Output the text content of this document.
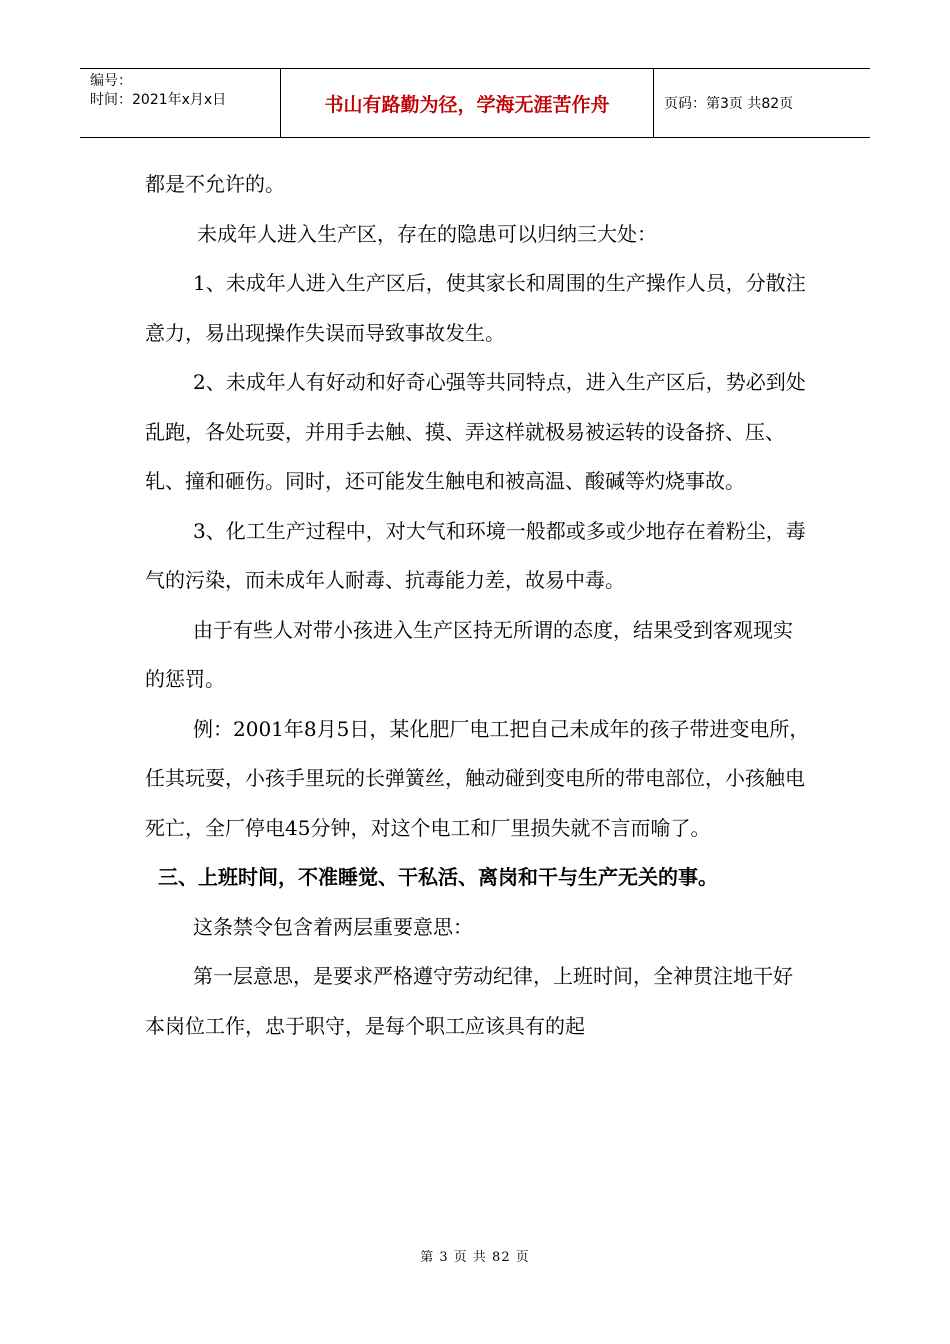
编号：
时间：2021年x月x日	书山有路勤为径，学海无涯苦作舟	页码：第3页 共82页

都是不允许的。

未成年人进入生产区，存在的隐患可以归纳三大处：

1、未成年人进入生产区后，使其家长和周围的生产操作人员，分散注意力，易出现操作失误而导致事故发生。

2、未成年人有好动和好奇心强等共同特点，进入生产区后，势必到处乱跑，各处玩耍，并用手去触、摸、弄这样就极易被运转的设备挤、压、轧、撞和砸伤。同时，还可能发生触电和被高温、酸碱等灼烧事故。

3、化工生产过程中，对大气和环境一般都或多或少地存在着粉尘，毒气的污染，而未成年人耐毒、抗毒能力差，故易中毒。

由于有些人对带小孩进入生产区持无所谓的态度，结果受到客观现实的惩罚。

例：2001年8月5日，某化肥厂电工把自己未成年的孩子带进变电所，任其玩耍，小孩手里玩的长弹簧丝，触动碰到变电所的带电部位，小孩触电死亡，全厂停电45分钟，对这个电工和厂里损失就不言而喻了。

三、上班时间，不准睡觉、干私活、离岗和干与生产无关的事。

这条禁令包含着两层重要意思：

第一层意思，是要求严格遵守劳动纪律，上班时间，全神贯注地干好本岗位工作，忠于职守，是每个职工应该具有的起

第 3 页 共 82 页
